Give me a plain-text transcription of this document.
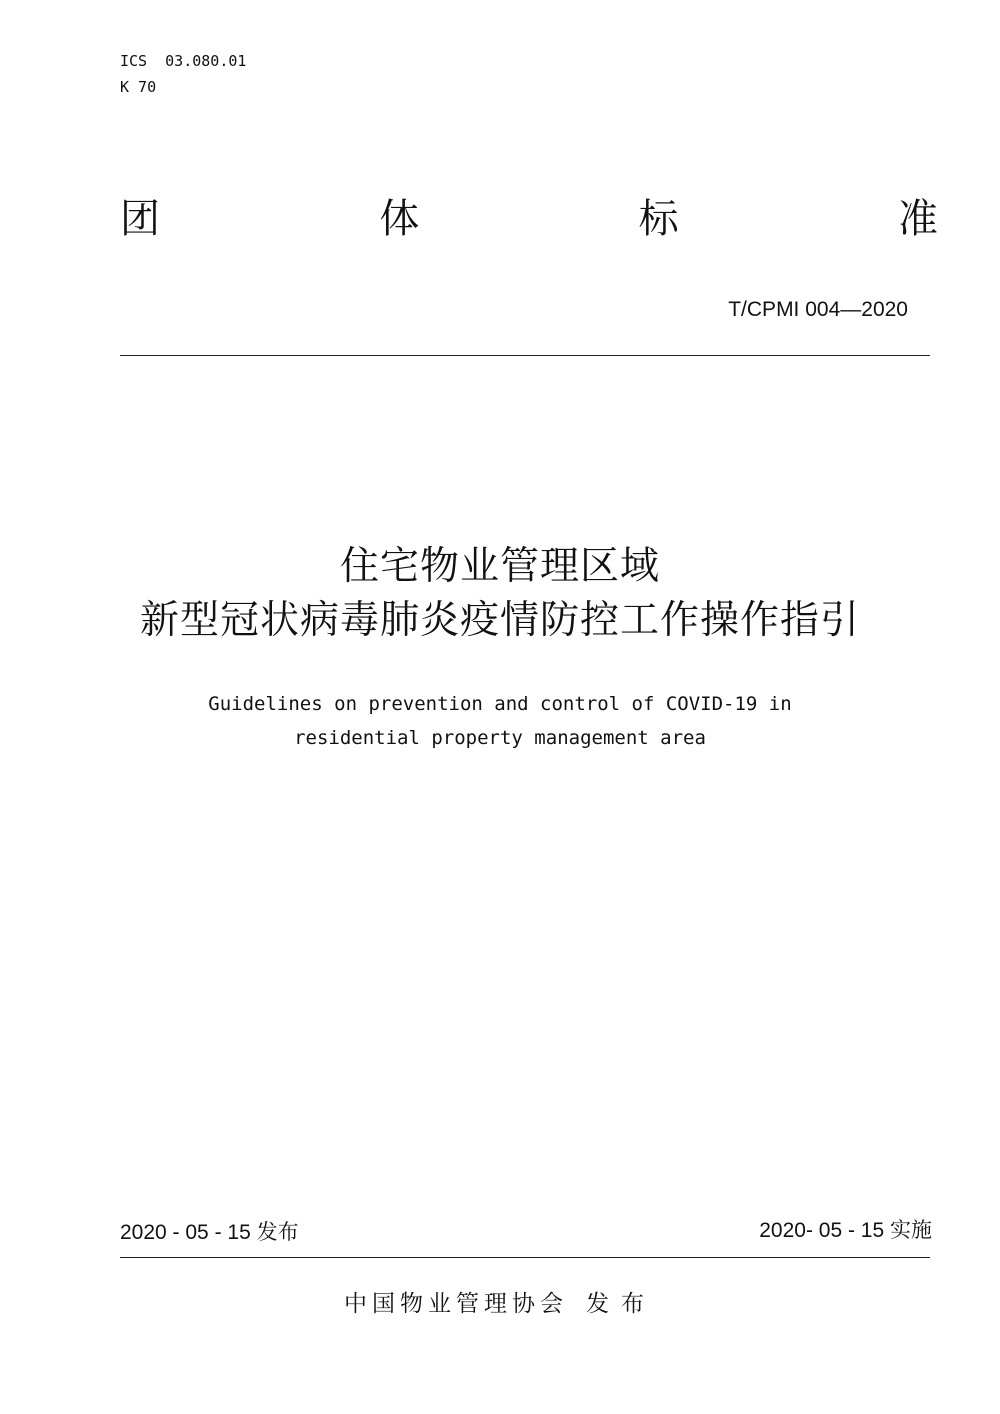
ICS  03.080.01
K 70
团	体	标	准
T/CPMI 004—2020
住宅物业管理区域
新型冠状病毒肺炎疫情防控工作操作指引
Guidelines on prevention and control of COVID-19 in
residential property management area
2020 - 05 - 15 发布	2020- 05 - 15 实施
中国物业管理协会 发布
